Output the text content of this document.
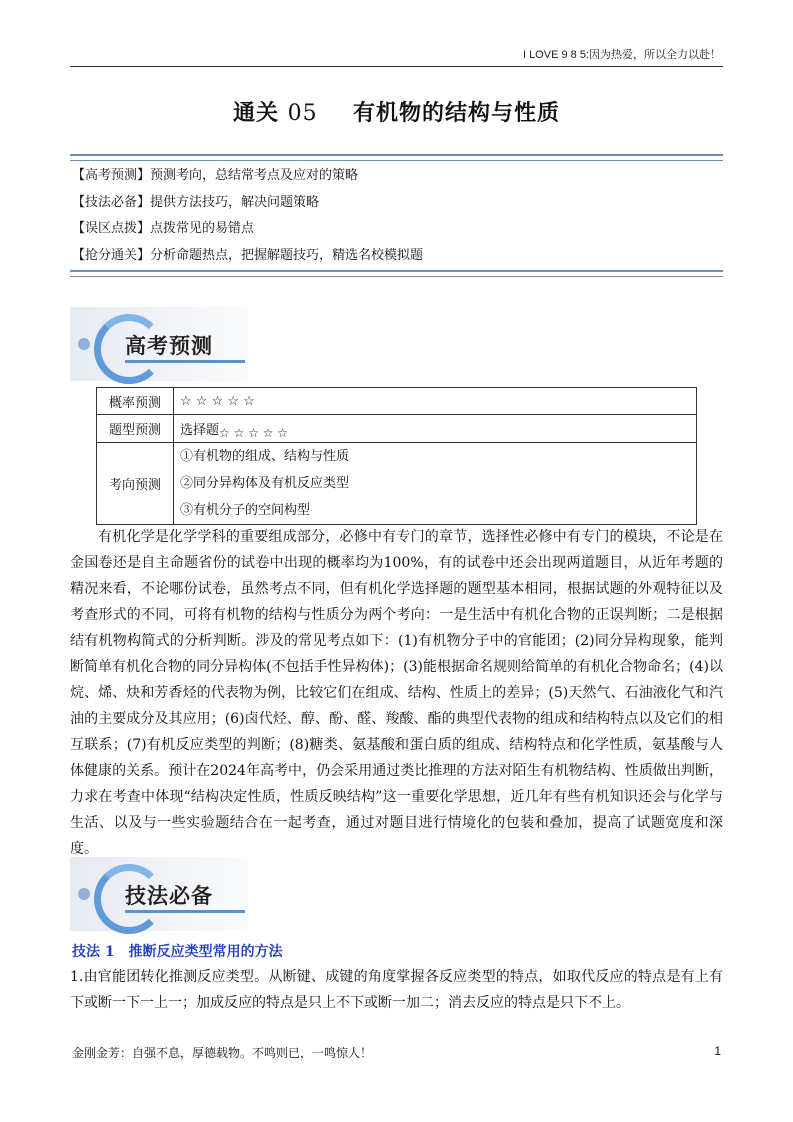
I LOVE 9 8 5:因为热爱，所以全力以赴！
通关 05 有机物的结构与性质
【高考预测】预测考向，总结常考点及应对的策略
【技法必备】提供方法技巧，解决问题策略
【误区点拨】点拨常见的易错点
【抢分通关】分析命题热点，把握解题技巧，精选名校模拟题
高考预测
概率预测	☆ ☆ ☆ ☆ ☆
题型预测	选择题☆ ☆ ☆ ☆ ☆
考向预测	①有机物的组成、结构与性质
②同分异构体及有机反应类型
③有机分子的空间构型

有机化学是化学学科的重要组成部分，必修中有专门的章节，选择性必修中有专门的模块，不论是在金国卷还是自主命题省份的试卷中出现的概率均为100%，有的试卷中还会出现两道题目，从近年考题的精况来看，不论哪份试卷，虽然考点不同，但有机化学选择题的题型基本相同，根据试题的外观特征以及考查形式的不同，可将有机物的结构与性质分为两个考向：一是生活中有机化合物的正误判断；二是根据结有机物构简式的分析判断。涉及的常见考点如下：(1)有机物分子中的官能团；(2)同分异构现象，能判断简单有机化合物的同分异构体(不包括手性异构体)；(3)能根据命名规则给简单的有机化合物命名；(4)以烷、烯、炔和芳香烃的代表物为例，比较它们在组成、结构、性质上的差异；(5)天然气、石油液化气和汽油的主要成分及其应用；(6)卤代烃、醇、酚、醛、羧酸、酯的典型代表物的组成和结构特点以及它们的相互联系；(7)有机反应类型的判断；(8)糖类、氨基酸和蛋白质的组成、结构特点和化学性质，氨基酸与人体健康的关系。预计在2024年高考中，仍会采用通过类比推理的方法对陌生有机物结构、性质做出判断，力求在考查中体现“结构决定性质，性质反映结构”这一重要化学思想，近几年有些有机知识还会与化学与生活、以及与一些实验题结合在一起考查，通过对题目进行情境化的包装和叠加，提高了试题宽度和深度。

技法必备
技法 1　推断反应类型常用的方法

1.由官能团转化推测反应类型。从断键、成键的角度掌握各反应类型的特点，如取代反应的特点是有上有下或断一下一上一；加成反应的特点是只上不下或断一加二；消去反应的特点是只下不上。

金刚金芳：自强不息，厚德载物。不鸣则已，一鸣惊人！	1
